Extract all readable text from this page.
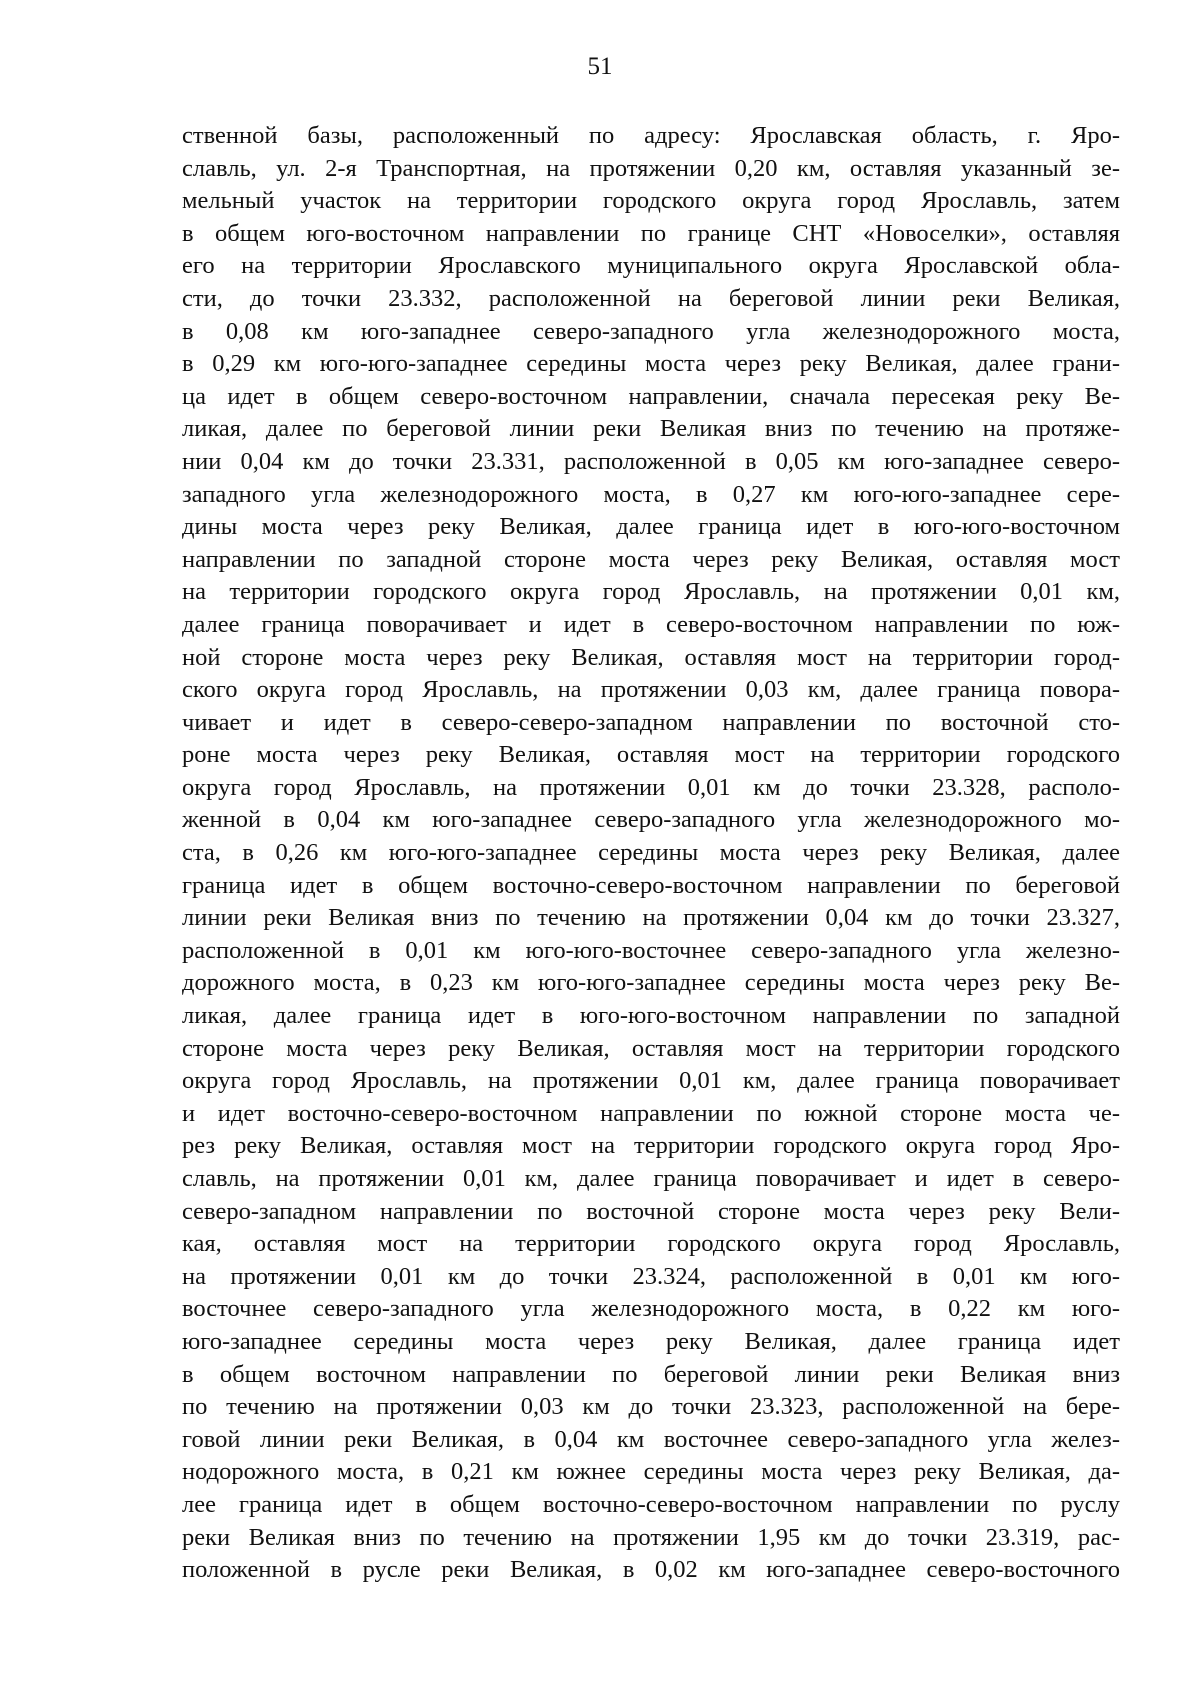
51
ственной базы, расположенный по адресу: Ярославская область, г. Яро-
славль, ул. 2-я Транспортная, на протяжении 0,20 км, оставляя указанный зе-
мельный участок на территории городского округа город Ярославль, затем
в общем юго-восточном направлении по границе СНТ «Новоселки», оставляя
его на территории Ярославского муниципального округа Ярославской обла-
сти, до точки 23.332, расположенной на береговой линии реки Великая,
в 0,08 км юго-западнее северо-западного угла железнодорожного моста,
в 0,29 км юго-юго-западнее середины моста через реку Великая, далее грани-
ца идет в общем северо-восточном направлении, сначала пересекая реку Ве-
ликая, далее по береговой линии реки Великая вниз по течению на протяже-
нии 0,04 км до точки 23.331, расположенной в 0,05 км юго-западнее северо-
западного угла железнодорожного моста, в 0,27 км юго-юго-западнее сере-
дины моста через реку Великая, далее граница идет в юго-юго-восточном
направлении по западной стороне моста через реку Великая, оставляя мост
на территории городского округа город Ярославль, на протяжении 0,01 км,
далее граница поворачивает и идет в северо-восточном направлении по юж-
ной стороне моста через реку Великая, оставляя мост на территории город-
ского округа город Ярославль, на протяжении 0,03 км, далее граница повора-
чивает и идет в северо-северо-западном направлении по восточной сто-
роне моста через реку Великая, оставляя мост на территории городского
округа город Ярославль, на протяжении 0,01 км до точки 23.328, располо-
женной в 0,04 км юго-западнее северо-западного угла железнодорожного мо-
ста, в 0,26 км юго-юго-западнее середины моста через реку Великая, далее
граница идет в общем восточно-северо-восточном направлении по береговой
линии реки Великая вниз по течению на протяжении 0,04 км до точки 23.327,
расположенной в 0,01 км юго-юго-восточнее северо-западного угла железно-
дорожного моста, в 0,23 км юго-юго-западнее середины моста через реку Ве-
ликая, далее граница идет в юго-юго-восточном направлении по западной
стороне моста через реку Великая, оставляя мост на территории городского
округа город Ярославль, на протяжении 0,01 км, далее граница поворачивает
и идет восточно-северо-восточном направлении по южной стороне моста че-
рез реку Великая, оставляя мост на территории городского округа город Яро-
славль, на протяжении 0,01 км, далее граница поворачивает и идет в северо-
северо-западном направлении по восточной стороне моста через реку Вели-
кая, оставляя мост на территории городского округа город Ярославль,
на протяжении 0,01 км до точки 23.324, расположенной в 0,01 км юго-
восточнее северо-западного угла железнодорожного моста, в 0,22 км юго-
юго-западнее середины моста через реку Великая, далее граница идет
в общем восточном направлении по береговой линии реки Великая вниз
по течению на протяжении 0,03 км до точки 23.323, расположенной на бере-
говой линии реки Великая, в 0,04 км восточнее северо-западного угла желез-
нодорожного моста, в 0,21 км южнее середины моста через реку Великая, да-
лее граница идет в общем восточно-северо-восточном направлении по руслу
реки Великая вниз по течению на протяжении 1,95 км до точки 23.319, рас-
положенной в русле реки Великая, в 0,02 км юго-западнее северо-восточного
